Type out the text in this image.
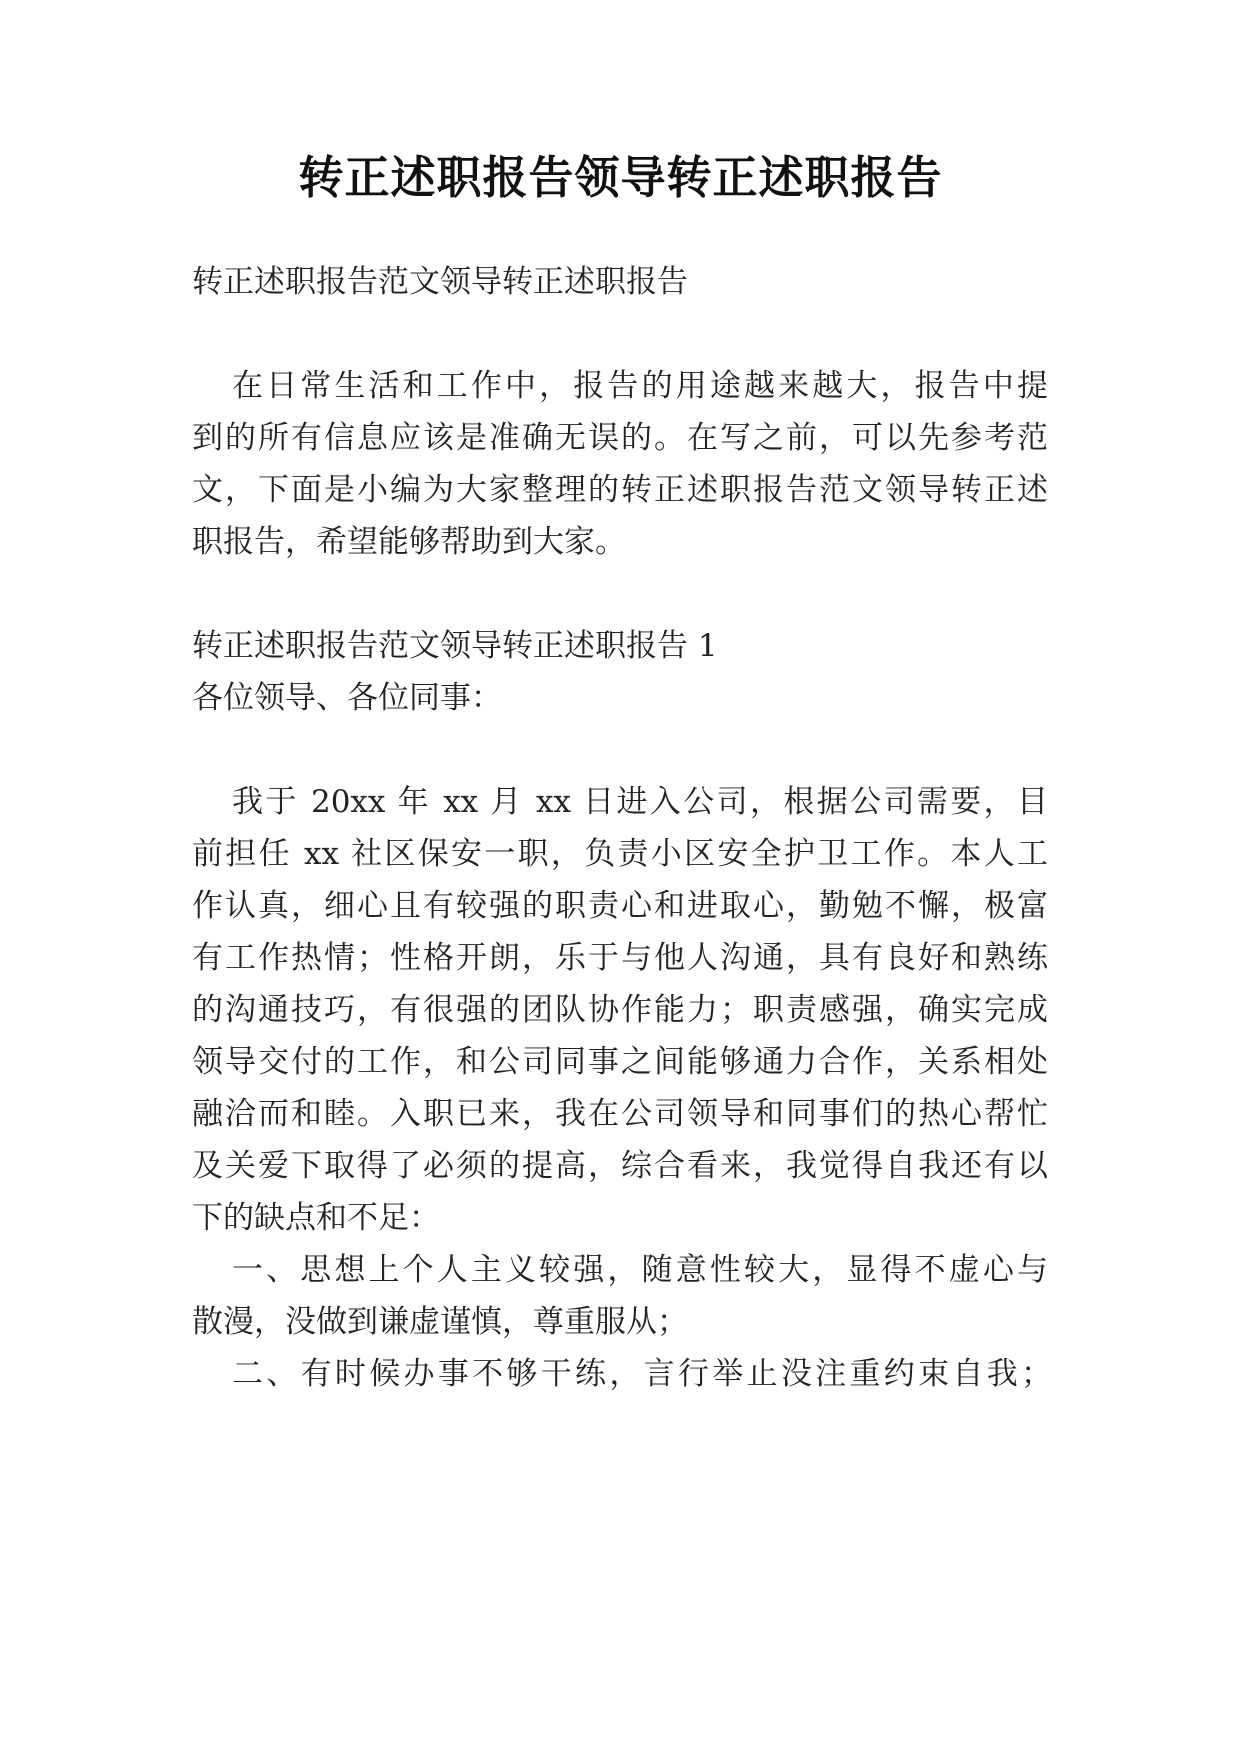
转正述职报告领导转正述职报告
转正述职报告范文领导转正述职报告
在日常生活和工作中，报告的用途越来越大，报告中提
到的所有信息应该是准确无误的。在写之前，可以先参考范
文，下面是小编为大家整理的转正述职报告范文领导转正述
职报告，希望能够帮助到大家。
转正述职报告范文领导转正述职报告 1
各位领导、各位同事：
我于 20xx 年 xx 月 xx 日进入公司，根据公司需要，目
前担任 xx 社区保安一职，负责小区安全护卫工作。本人工
作认真，细心且有较强的职责心和进取心，勤勉不懈，极富
有工作热情；性格开朗，乐于与他人沟通，具有良好和熟练
的沟通技巧，有很强的团队协作能力；职责感强，确实完成
领导交付的工作，和公司同事之间能够通力合作，关系相处
融洽而和睦。入职已来，我在公司领导和同事们的热心帮忙
及关爱下取得了必须的提高，综合看来，我觉得自我还有以
下的缺点和不足：
一、思想上个人主义较强，随意性较大，显得不虚心与
散漫，没做到谦虚谨慎，尊重服从；
二、有时候办事不够干练，言行举止没注重约束自我；
